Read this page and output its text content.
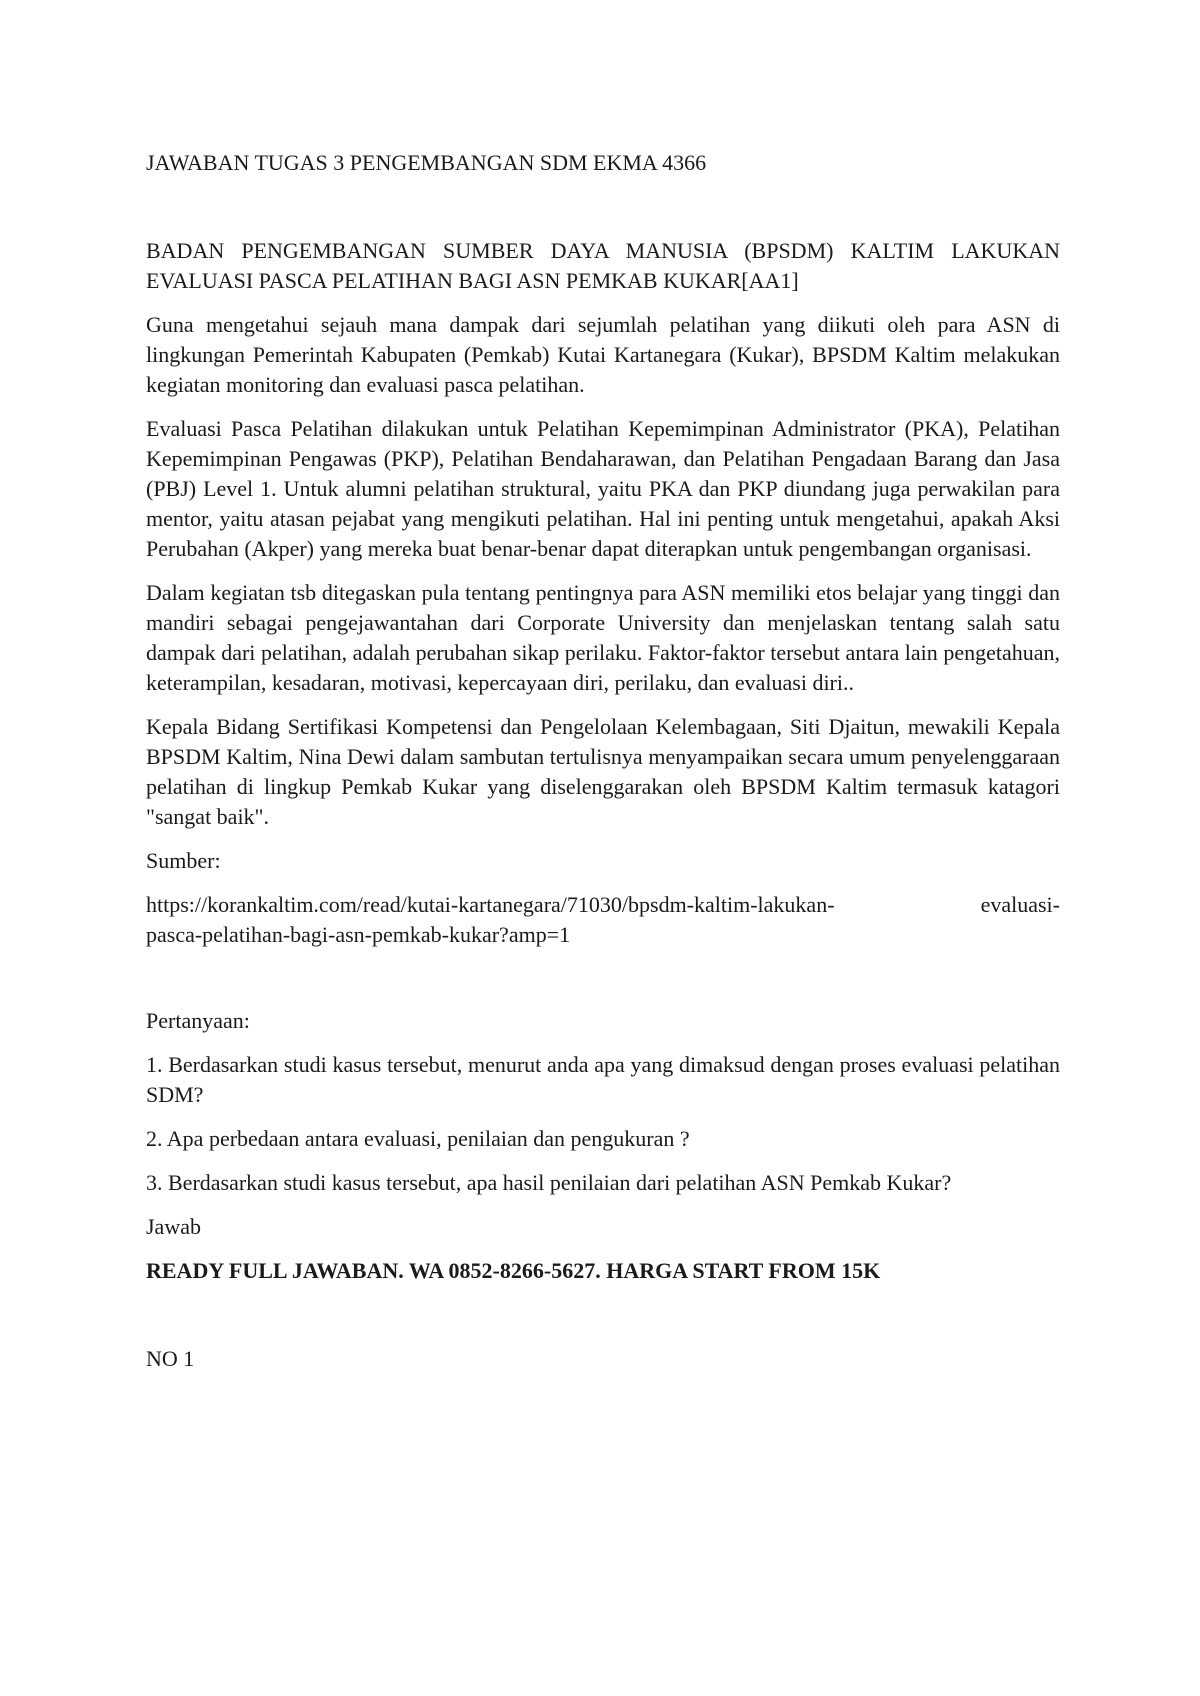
JAWABAN TUGAS 3 PENGEMBANGAN SDM EKMA 4366

BADAN PENGEMBANGAN SUMBER DAYA MANUSIA (BPSDM) KALTIM LAKUKAN EVALUASI PASCA PELATIHAN BAGI ASN PEMKAB KUKAR[AA1]

Guna mengetahui sejauh mana dampak dari sejumlah pelatihan yang diikuti oleh para ASN di lingkungan Pemerintah Kabupaten (Pemkab) Kutai Kartanegara (Kukar), BPSDM Kaltim melakukan kegiatan monitoring dan evaluasi pasca pelatihan.

Evaluasi Pasca Pelatihan dilakukan untuk Pelatihan Kepemimpinan Administrator (PKA), Pelatihan Kepemimpinan Pengawas (PKP), Pelatihan Bendaharawan, dan Pelatihan Pengadaan Barang dan Jasa (PBJ) Level 1. Untuk alumni pelatihan struktural, yaitu PKA dan PKP diundang juga perwakilan para mentor, yaitu atasan pejabat yang mengikuti pelatihan. Hal ini penting untuk mengetahui, apakah Aksi Perubahan (Akper) yang mereka buat benar-benar dapat diterapkan untuk pengembangan organisasi.

Dalam kegiatan tsb ditegaskan pula tentang pentingnya para ASN memiliki etos belajar yang tinggi dan mandiri sebagai pengejawantahan dari Corporate University dan menjelaskan tentang salah satu dampak dari pelatihan, adalah perubahan sikap perilaku. Faktor-faktor tersebut antara lain pengetahuan, keterampilan, kesadaran, motivasi, kepercayaan diri, perilaku, dan evaluasi diri..

Kepala Bidang Sertifikasi Kompetensi dan Pengelolaan Kelembagaan, Siti Djaitun, mewakili Kepala BPSDM Kaltim, Nina Dewi dalam sambutan tertulisnya menyampaikan secara umum penyelenggaraan pelatihan di lingkup Pemkab Kukar yang diselenggarakan oleh BPSDM Kaltim termasuk katagori "sangat baik".

Sumber:

https://korankaltim.com/read/kutai-kartanegara/71030/bpsdm-kaltim-lakukan-	evaluasi-
pasca-pelatihan-bagi-asn-pemkab-kukar?amp=1

Pertanyaan:

1. Berdasarkan studi kasus tersebut, menurut anda apa yang dimaksud dengan proses evaluasi pelatihan SDM?

2. Apa perbedaan antara evaluasi, penilaian dan pengukuran ?

3. Berdasarkan studi kasus tersebut, apa hasil penilaian dari pelatihan ASN Pemkab Kukar?

Jawab

READY FULL JAWABAN. WA 0852-8266-5627. HARGA START FROM 15K

NO 1
